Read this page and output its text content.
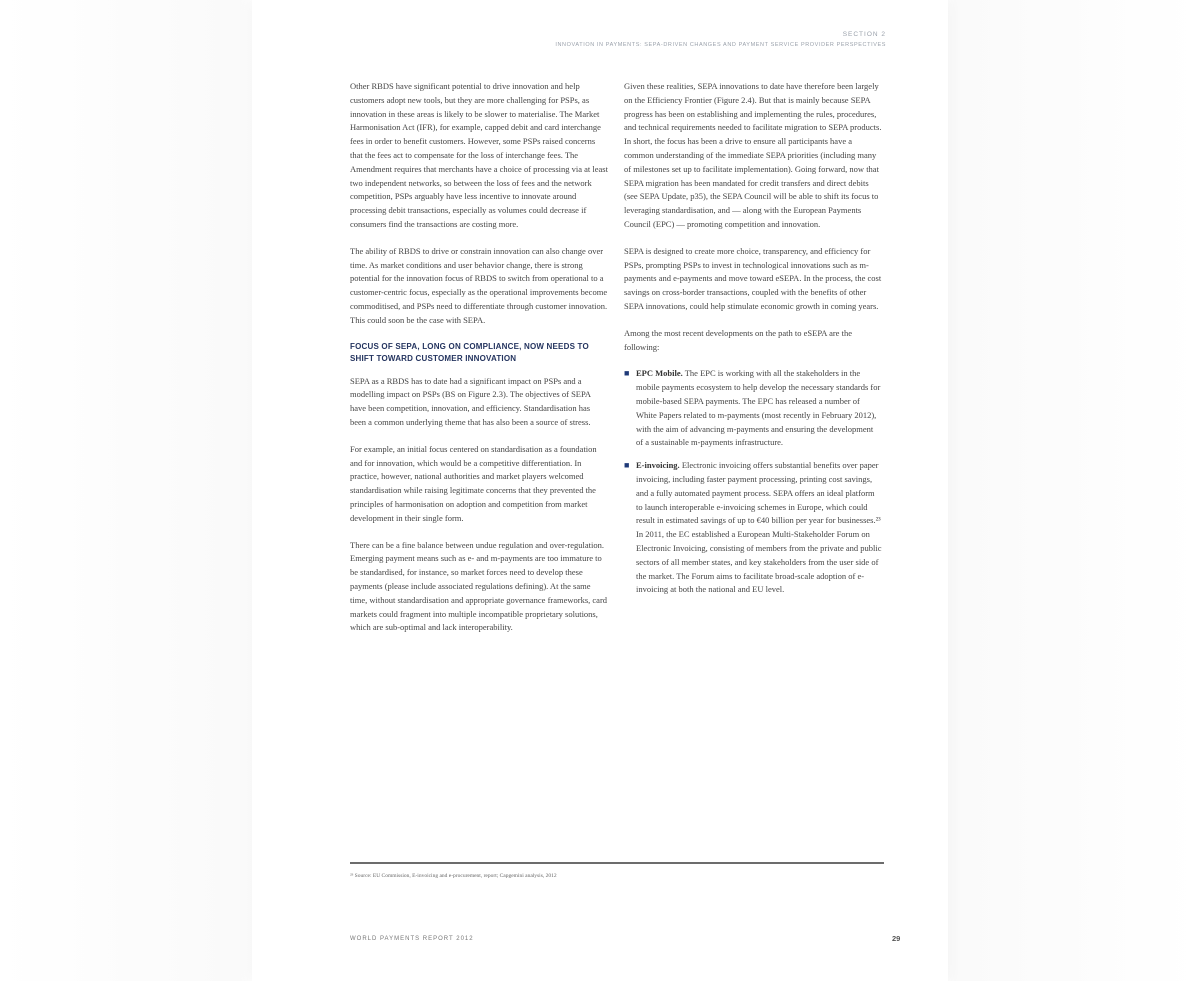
SECTION 2
INNOVATION IN PAYMENTS: SEPA-DRIVEN CHANGES AND PAYMENT SERVICE PROVIDER PERSPECTIVES

Other RBDS have significant potential to drive innovation and help customers adopt new tools, but they are more challenging for PSPs, as innovation in these areas is likely to be slower to materialise. The Market Harmonisation Act (IFR), for example, capped debit and card interchange fees in order to benefit customers. However, some PSPs raised concerns that the fees act to compensate for the loss of interchange fees. The Amendment requires that merchants have a choice of processing via at least two independent networks, so between the loss of fees and the network competition, PSPs arguably have less incentive to innovate around processing debit transactions, especially as volumes could decrease if consumers find the transactions are costing more.

The ability of RBDS to drive or constrain innovation can also change over time. As market conditions and user behavior change, there is strong potential for the innovation focus of RBDS to switch from operational to a customer-centric focus, especially as the operational improvements become commoditised, and PSPs need to differentiate through customer innovation. This could soon be the case with SEPA.

FOCUS OF SEPA, LONG ON COMPLIANCE, NOW NEEDS TO SHIFT TOWARD CUSTOMER INNOVATION

SEPA as a RBDS has to date had a significant impact on PSPs and a modelling impact on PSPs (BS on Figure 2.3). The objectives of SEPA have been competition, innovation, and efficiency. Standardisation has been a common underlying theme that has also been a source of stress.

For example, an initial focus centered on standardisation as a foundation and for innovation, which would be a competitive differentiation. In practice, however, national authorities and market players welcomed standardisation while raising legitimate concerns that they prevented the principles of harmonisation on adoption and competition from market development in their single form.

There can be a fine balance between undue regulation and over-regulation. Emerging payment means such as e- and m-payments are too immature to be standardised, for instance, so market forces need to develop these payments (please include associated regulations defining). At the same time, without standardisation and appropriate governance frameworks, card markets could fragment into multiple incompatible proprietary solutions, which are sub-optimal and lack interoperability.

Given these realities, SEPA innovations to date have therefore been largely on the Efficiency Frontier (Figure 2.4). But that is mainly because SEPA progress has been on establishing and implementing the rules, procedures, and technical requirements needed to facilitate migration to SEPA products. In short, the focus has been a drive to ensure all participants have a common understanding of the immediate SEPA priorities (including many of milestones set up to facilitate implementation). Going forward, now that SEPA migration has been mandated for credit transfers and direct debits (see SEPA Update, p35), the SEPA Council will be able to shift its focus to leveraging standardisation, and — along with the European Payments Council (EPC) — promoting competition and innovation.

SEPA is designed to create more choice, transparency, and efficiency for PSPs, prompting PSPs to invest in technological innovations such as m-payments and e-payments and move toward eSEPA. In the process, the cost savings on cross-border transactions, coupled with the benefits of other SEPA innovations, could help stimulate economic growth in coming years.

Among the most recent developments on the path to eSEPA are the following:

■ EPC Mobile. The EPC is working with all the stakeholders in the mobile payments ecosystem to help develop the necessary standards for mobile-based SEPA payments. The EPC has released a number of White Papers related to m-payments (most recently in February 2012), with the aim of advancing m-payments and ensuring the development of a sustainable m-payments infrastructure.
■ E-invoicing. Electronic invoicing offers substantial benefits over paper invoicing, including faster payment processing, printing cost savings, and a fully automated payment process. SEPA offers an ideal platform to launch interoperable e-invoicing schemes in Europe, which could result in estimated savings of up to €40 billion per year for businesses.²³ In 2011, the EC established a European Multi-Stakeholder Forum on Electronic Invoicing, consisting of members from the private and public sectors of all member states, and key stakeholders from the user side of the market. The Forum aims to facilitate broad-scale adoption of e-invoicing at both the national and EU level.
²³ Source: EU Commission, E-invoicing and e-procurement, report; Capgemini analysis, 2012
WORLD PAYMENTS REPORT 2012	29
